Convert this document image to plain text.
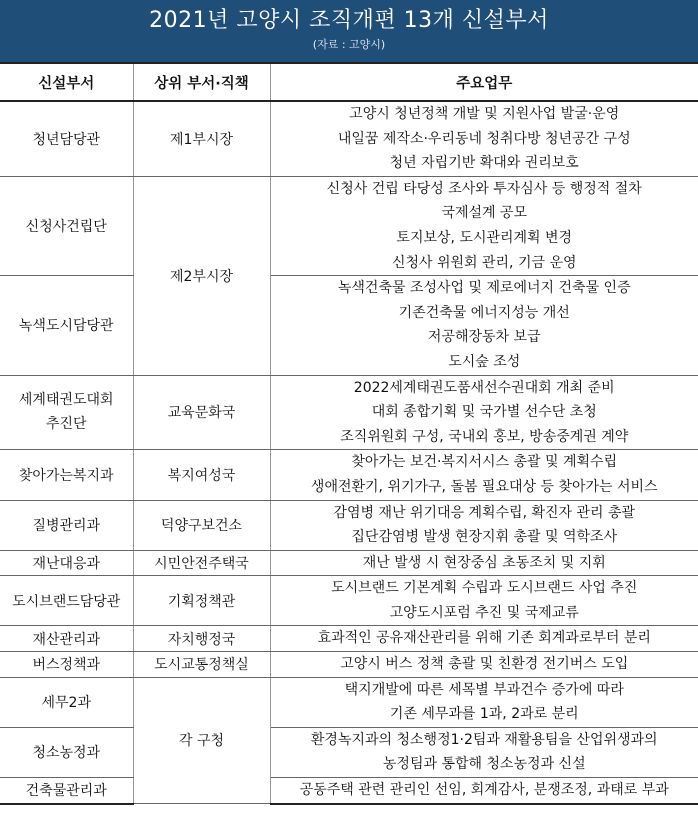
2021년 고양시 조직개편 13개 신설부서
(자료 : 고양시)
신설부서	상위 부서·직책	주요업무
청년담당관	제1부시장	고양시 청년정책 개발 및 지원사업 발굴·운영
내일꿈 제작소·우리동네 청취다방 청년공간 구성
청년 자립기반 확대와 권리보호

신청사건립단	제2부시장	신청사 건립 타당성 조사와 투자심사 등 행정적 절차
국제설계 공모
토지보상, 도시관리계획 변경
신청사 위원회 관리, 기금 운영

녹색도시담당관		녹색건축물 조성사업 및 제로에너지 건축물 인증
기존건축물 에너지성능 개선
저공해장동차 보급
도시숲 조성

세계태권도대회
추진단	교육문화국	2022세계태권도품새선수권대회 개최 준비
대회 종합기획 및 국가별 선수단 초청
조직위원회 구성, 국내외 홍보, 방송중계권 계약

찾아가는복지과	복지여성국	찾아가는 보건·복지서시스 총괄 및 계획수립
생애전환기, 위기가구, 돌봄 필요대상 등 찾아가는 서비스

질병관리과	덕양구보건소	감염병 재난 위기대응 계획수립, 확진자 관리 총괄
집단감염병 발생 현장지휘 총괄 및 역학조사

재난대응과	시민안전주택국	재난 발생 시 현장중심 초동조치 및 지휘

도시브랜드담당관	기획정책관	도시브랜드 기본계획 수립과 도시브랜드 사업 추진
고양도시포럼 추진 및 국제교류

재산관리과	자치행정국	효과적인 공유재산관리를 위해 기존 회계과로부터 분리

버스정책과	도시교통정책실	고양시 버스 정책 총괄 및 친환경 전기버스 도입

세무2과	각 구청	택지개발에 따른 세목별 부과건수 증가에 따라
기존 세무과를 1과, 2과로 분리

청소농정과		환경녹지과의 청소행정1·2팀과 재활용팀을 산업위생과의
농정팀과 통합해 청소농정과 신설

건축물관리과		공동주택 관련 관리인 선임, 회계감사, 분쟁조정, 과태로 부과
